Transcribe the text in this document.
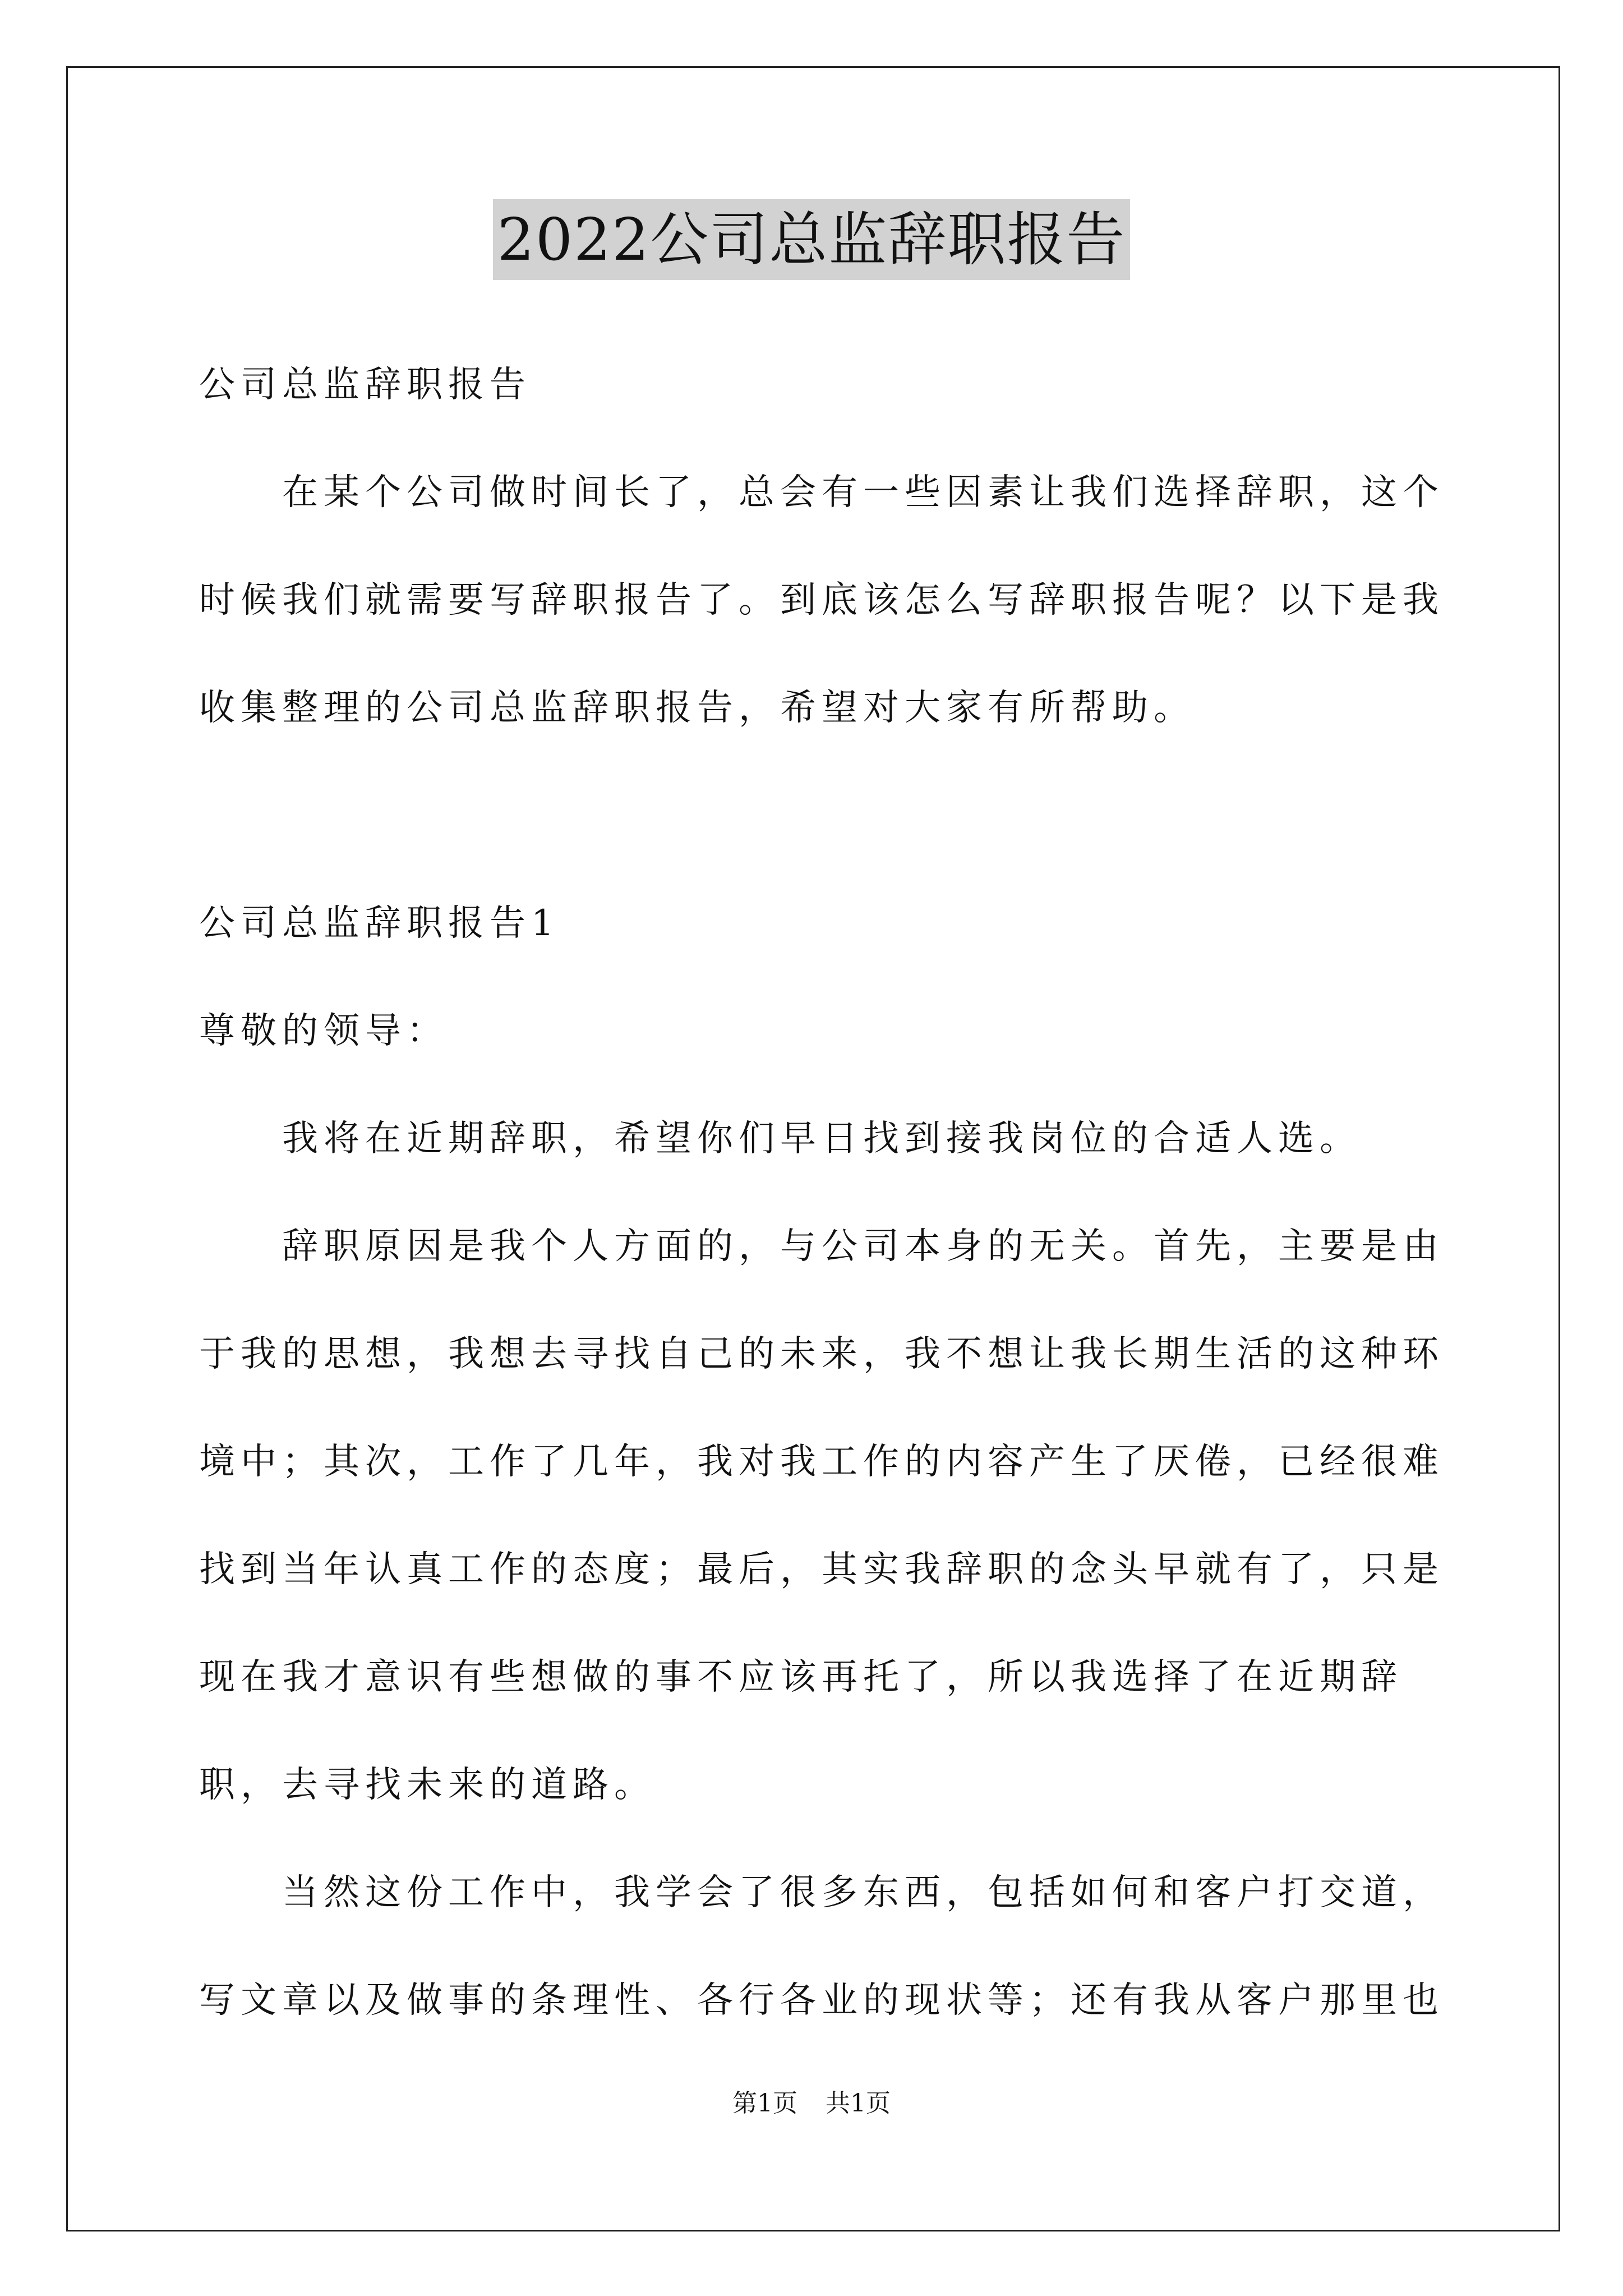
2022公司总监辞职报告

公司总监辞职报告

在某个公司做时间长了，总会有一些因素让我们选择辞职，这个时候我们就需要写辞职报告了。到底该怎么写辞职报告呢？以下是我收集整理的公司总监辞职报告，希望对大家有所帮助。

公司总监辞职报告1

尊敬的领导：

我将在近期辞职，希望你们早日找到接我岗位的合适人选。

辞职原因是我个人方面的，与公司本身的无关。首先，主要是由于我的思想，我想去寻找自己的未来，我不想让我长期生活的这种环境中；其次，工作了几年，我对我工作的内容产生了厌倦，已经很难找到当年认真工作的态度；最后，其实我辞职的念头早就有了，只是现在我才意识有些想做的事不应该再托了，所以我选择了在近期辞职，去寻找未来的道路。

当然这份工作中，我学会了很多东西，包括如何和客户打交道，写文章以及做事的条理性、各行各业的现状等；还有我从客户那里也

第1页 共1页
